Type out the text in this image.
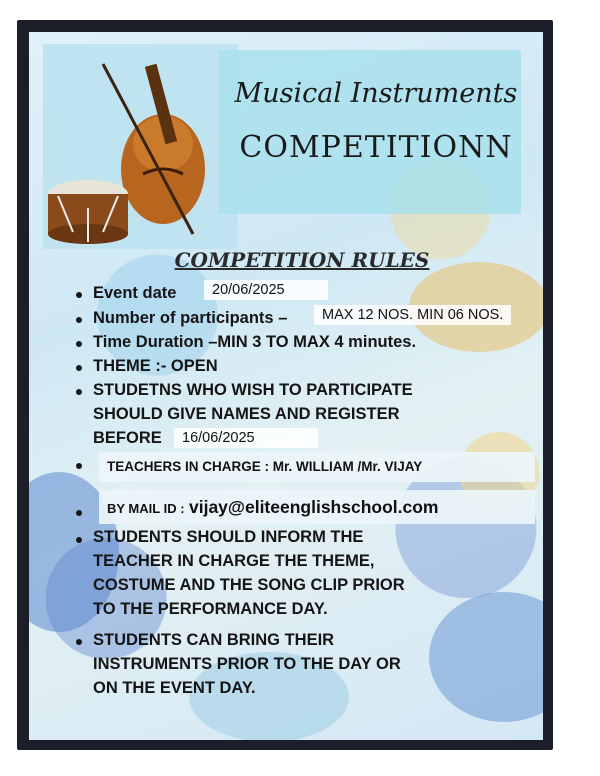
Musical Instruments
COMPETITIONN
COMPETITION RULES
Event date	20/06/2025
Number of participants –	MAX 12 NOS. MIN 06 NOS.
Time Duration –MIN 3 TO MAX 4 minutes.
THEME :- OPEN
STUDETNS WHO WISH TO PARTICIPATE
SHOULD GIVE NAMES AND REGISTER
BEFORE	16/06/2025
TEACHERS IN CHARGE : Mr. WILLIAM /Mr. VIJAY
BY MAIL ID : vijay@eliteenglishschool.com
STUDENTS SHOULD INFORM THE
TEACHER IN CHARGE THE THEME,
COSTUME AND THE SONG CLIP PRIOR
TO THE PERFORMANCE DAY.
STUDENTS CAN BRING THEIR
INSTRUMENTS PRIOR TO THE DAY OR
ON THE EVENT DAY.
